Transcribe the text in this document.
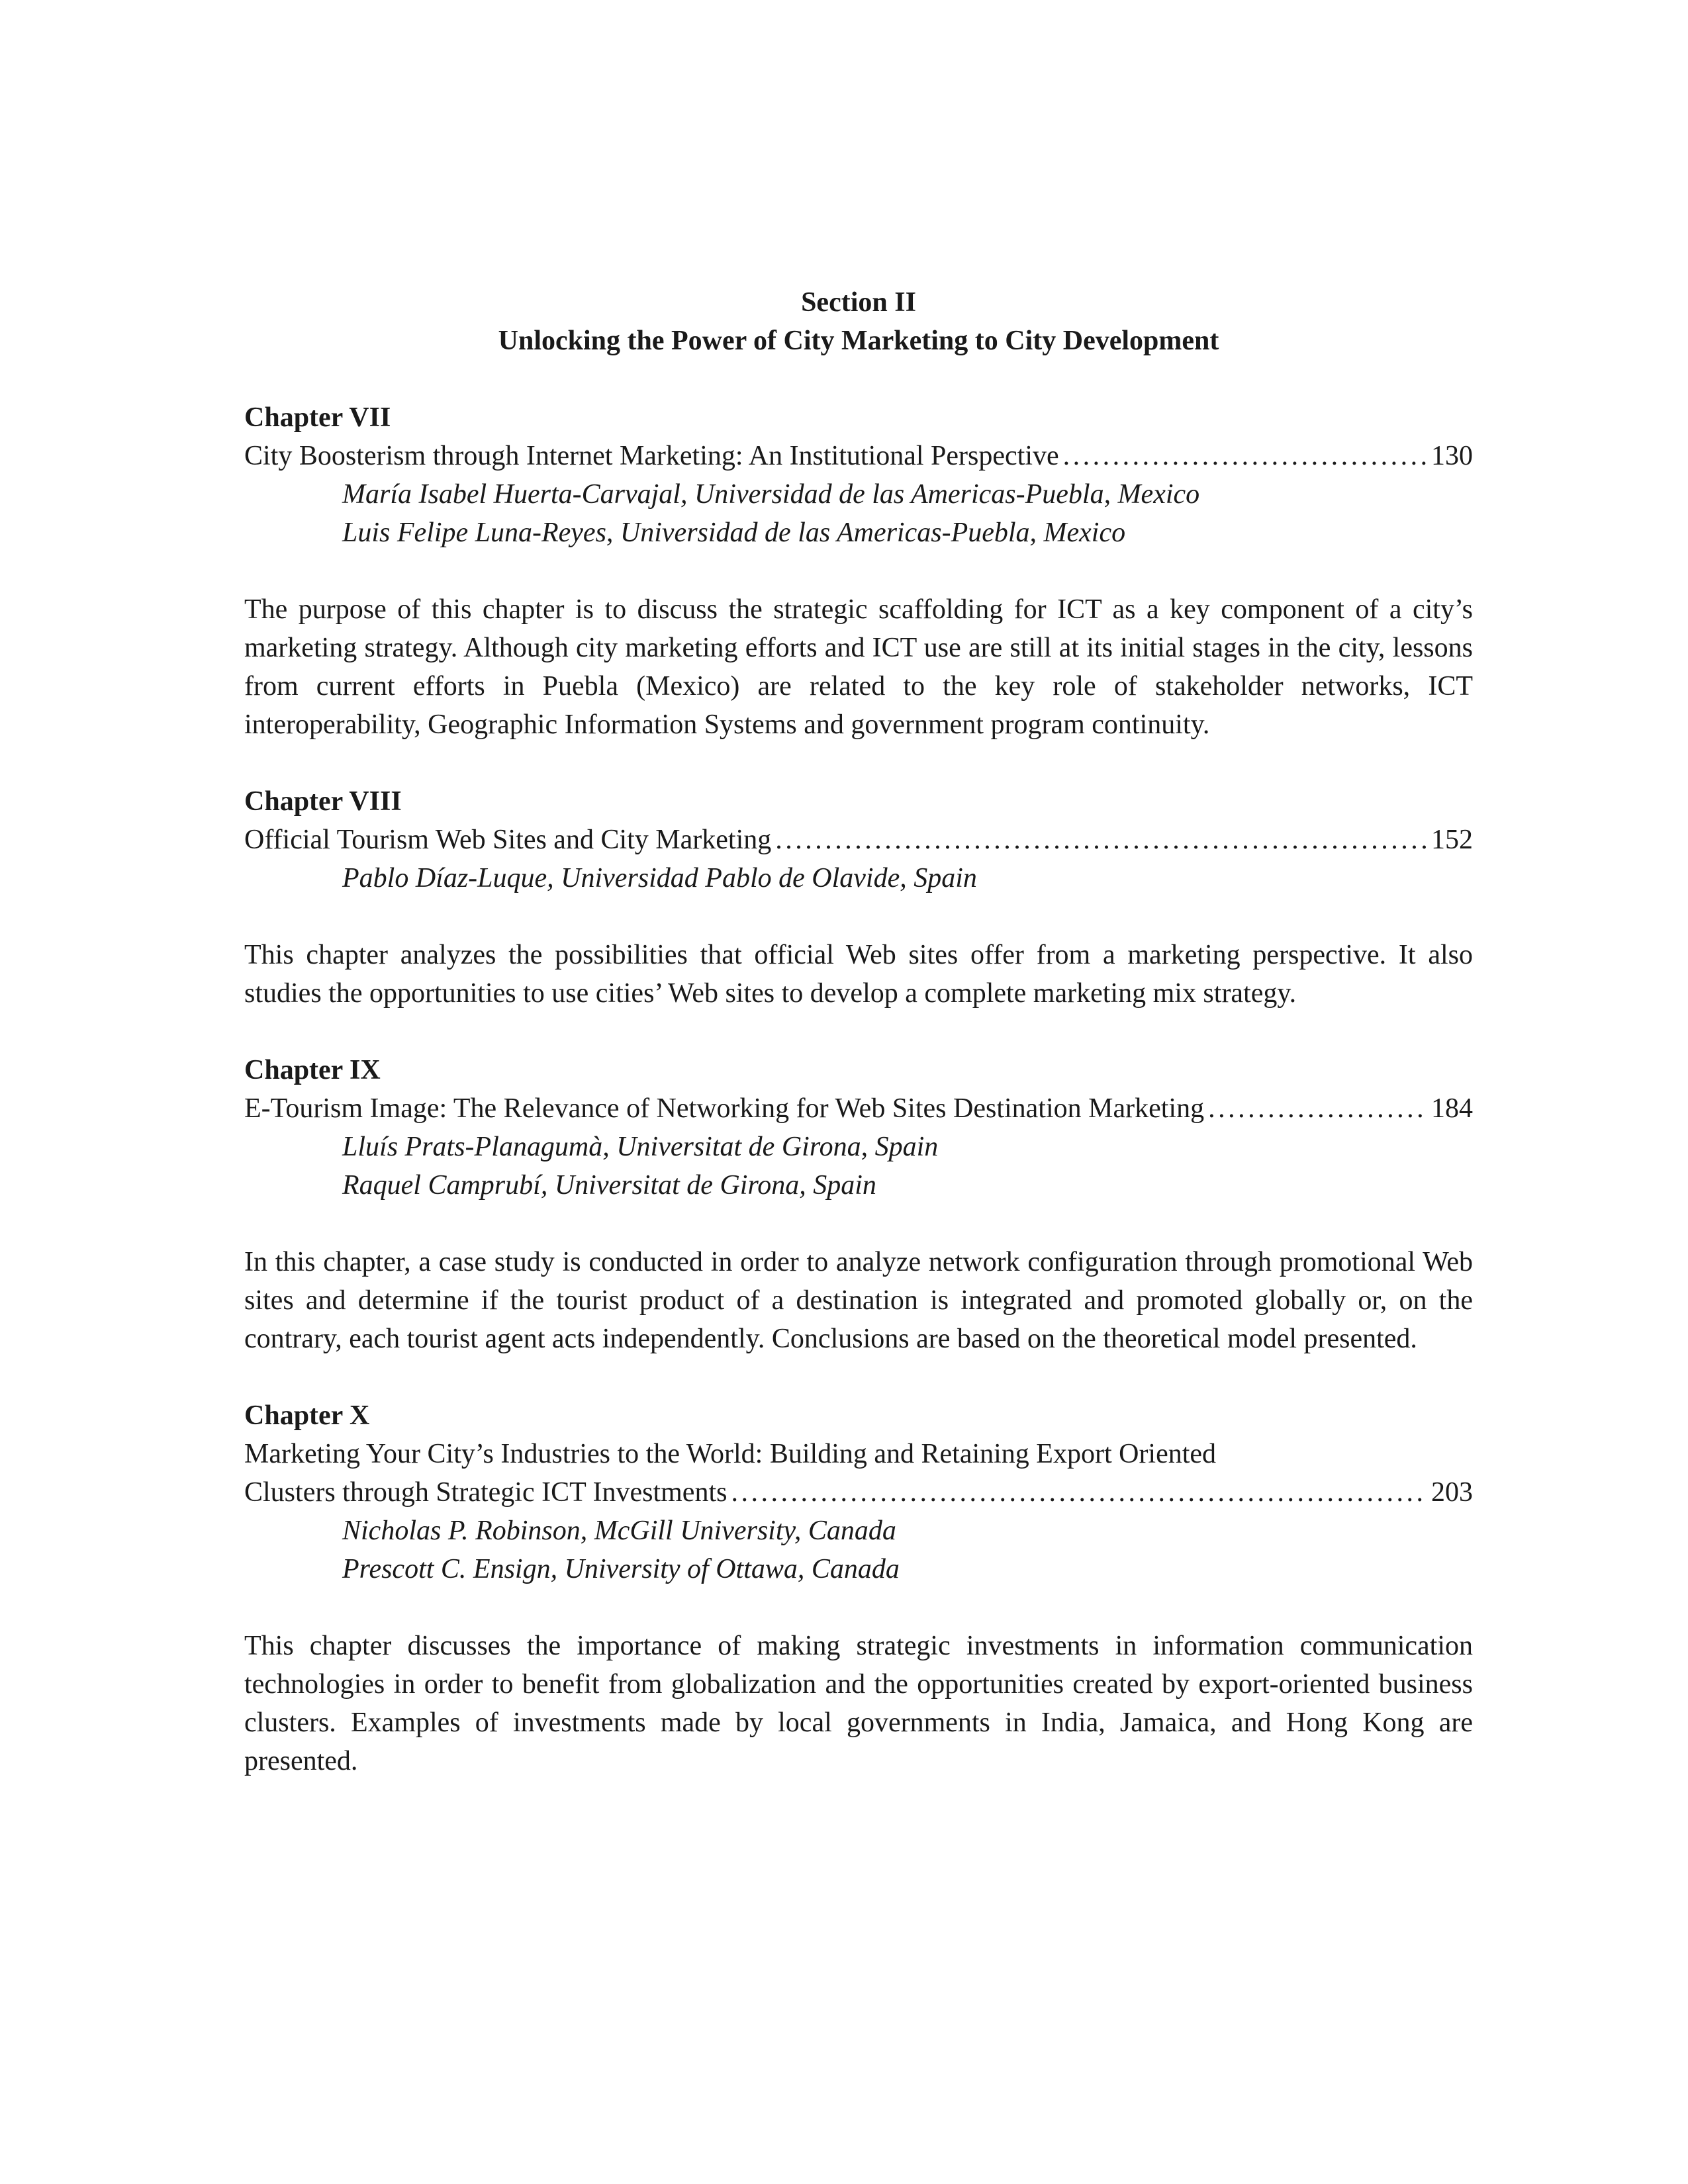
Section II
Unlocking the Power of City Marketing to City Development
Chapter VII
City Boosterism through Internet Marketing: An Institutional Perspective . . .	130
María Isabel Huerta-Carvajal, Universidad de las Americas-Puebla, Mexico
Luis Felipe Luna-Reyes, Universidad de las Americas-Puebla, Mexico
The purpose of this chapter is to discuss the strategic scaffolding for ICT as a key component of a city’s marketing strategy. Although city marketing efforts and ICT use are still at its initial stages in the city, lessons from current efforts in Puebla (Mexico) are related to the key role of stakeholder networks, ICT interoperability, Geographic Information Systems and government program continuity.
Chapter VIII
Official Tourism Web Sites and City Marketing . . .	152
Pablo Díaz-Luque, Universidad Pablo de Olavide, Spain
This chapter analyzes the possibilities that official Web sites offer from a marketing perspective. It also studies the opportunities to use cities’ Web sites to develop a complete marketing mix strategy.
Chapter IX
E-Tourism Image: The Relevance of Networking for Web Sites Destination Marketing . . .	184
Lluís Prats-Planagumà, Universitat de Girona, Spain
Raquel Camprubí, Universitat de Girona, Spain
In this chapter, a case study is conducted in order to analyze network configuration through promotional Web sites and determine if the tourist product of a destination is integrated and promoted globally or, on the contrary, each tourist agent acts independently. Conclusions are based on the theoretical model presented.
Chapter X
Marketing Your City’s Industries to the World: Building and Retaining Export Oriented
Clusters through Strategic ICT Investments . . .	203
Nicholas P. Robinson, McGill University, Canada
Prescott C. Ensign, University of Ottawa, Canada
This chapter discusses the importance of making strategic investments in information communication technologies in order to benefit from globalization and the opportunities created by export-oriented business clusters. Examples of investments made by local governments in India, Jamaica, and Hong Kong are presented.
